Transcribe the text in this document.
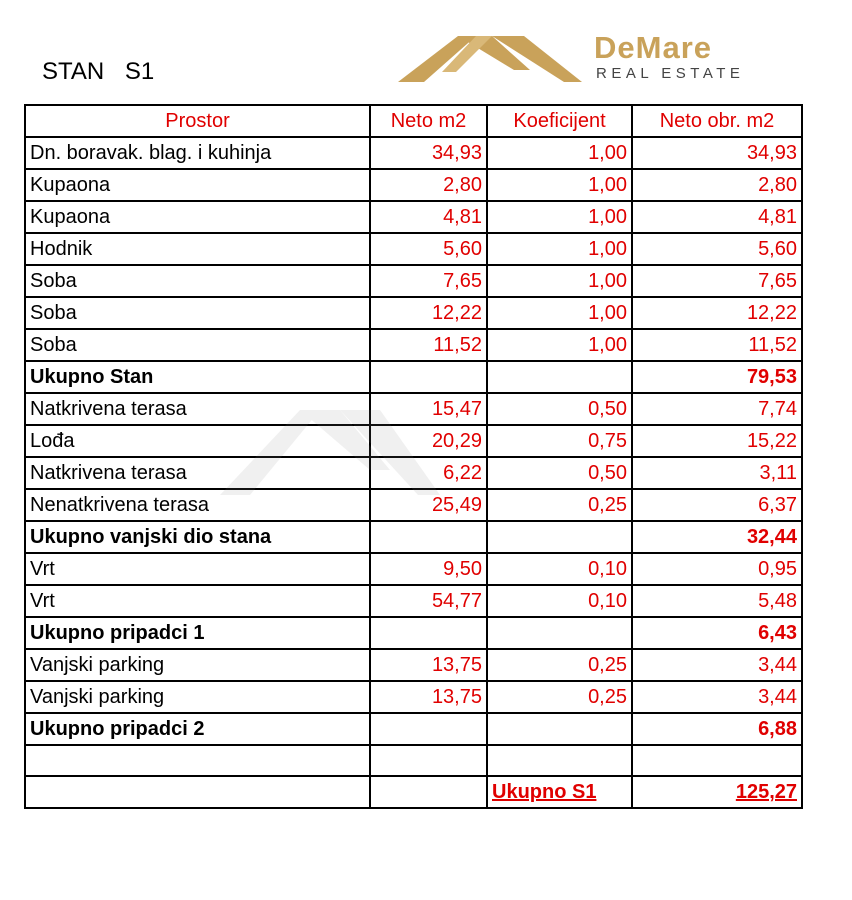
STAN S1
DeMare
REAL ESTATE
Prostor	Neto m2	Koeficijent	Neto obr. m2
Dn. boravak. blag. i kuhinja	34,93	1,00	34,93
Kupaona	2,80	1,00	2,80
Kupaona	4,81	1,00	4,81
Hodnik	5,60	1,00	5,60
Soba	7,65	1,00	7,65
Soba	12,22	1,00	12,22
Soba	11,52	1,00	11,52
Ukupno Stan			79,53
Natkrivena terasa	15,47	0,50	7,74
Lođa	20,29	0,75	15,22
Natkrivena terasa	6,22	0,50	3,11
Nenatkrivena terasa	25,49	0,25	6,37
Ukupno vanjski dio stana			32,44
Vrt	9,50	0,10	0,95
Vrt	54,77	0,10	5,48
Ukupno pripadci 1			6,43
Vanjski parking	13,75	0,25	3,44
Vanjski parking	13,75	0,25	3,44
Ukupno pripadci 2			6,88

		Ukupno S1	125,27
